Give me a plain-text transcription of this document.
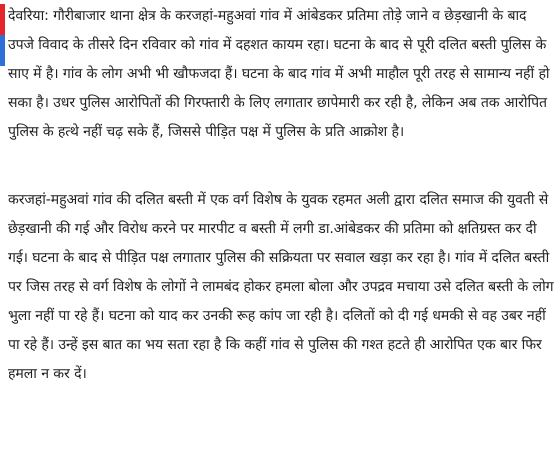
देवरिया: गौरीबाजार थाना क्षेत्र के करजहां-महुअवां गांव में आंबेडकर प्रतिमा तोड़े जाने व छेड़खानी के बाद उपजे विवाद के तीसरे दिन रविवार को गांव में दहशत कायम रहा। घटना के बाद से पूरी दलित बस्ती पुलिस के साए में है। गांव के लोग अभी भी खौफजदा हैं। घटना के बाद गांव में अभी माहौल पूरी तरह से सामान्य नहीं हो सका है। उधर पुलिस आरोपितों की गिरफ्तारी के लिए लगातार छापेमारी कर रही है, लेकिन अब तक आरोपित पुलिस के हत्थे नहीं चढ़ सके हैं, जिससे पीड़ित पक्ष में पुलिस के प्रति आक्रोश है।

करजहां-महुअवां गांव की दलित बस्ती में एक वर्ग विशेष के युवक रहमत अली द्वारा दलित समाज की युवती से छेड़खानी की गई और विरोध करने पर मारपीट व बस्ती में लगी डा.आंबेडकर की प्रतिमा को क्षतिग्रस्त कर दी गई। घटना के बाद से पीड़ित पक्ष लगातार पुलिस की सक्रियता पर सवाल खड़ा कर रहा है। गांव में दलित बस्ती पर जिस तरह से वर्ग विशेष के लोगों ने लामबंद होकर हमला बोला और उपद्रव मचाया उसे दलित बस्ती के लोग भुला नहीं पा रहे हैं। घटना को याद कर उनकी रूह कांप जा रही है। दलितों को दी गई धमकी से वह उबर नहीं पा रहे हैं। उन्हें इस बात का भय सता रहा है कि कहीं गांव से पुलिस की गश्त हटते ही आरोपित एक बार फिर हमला न कर दें।
